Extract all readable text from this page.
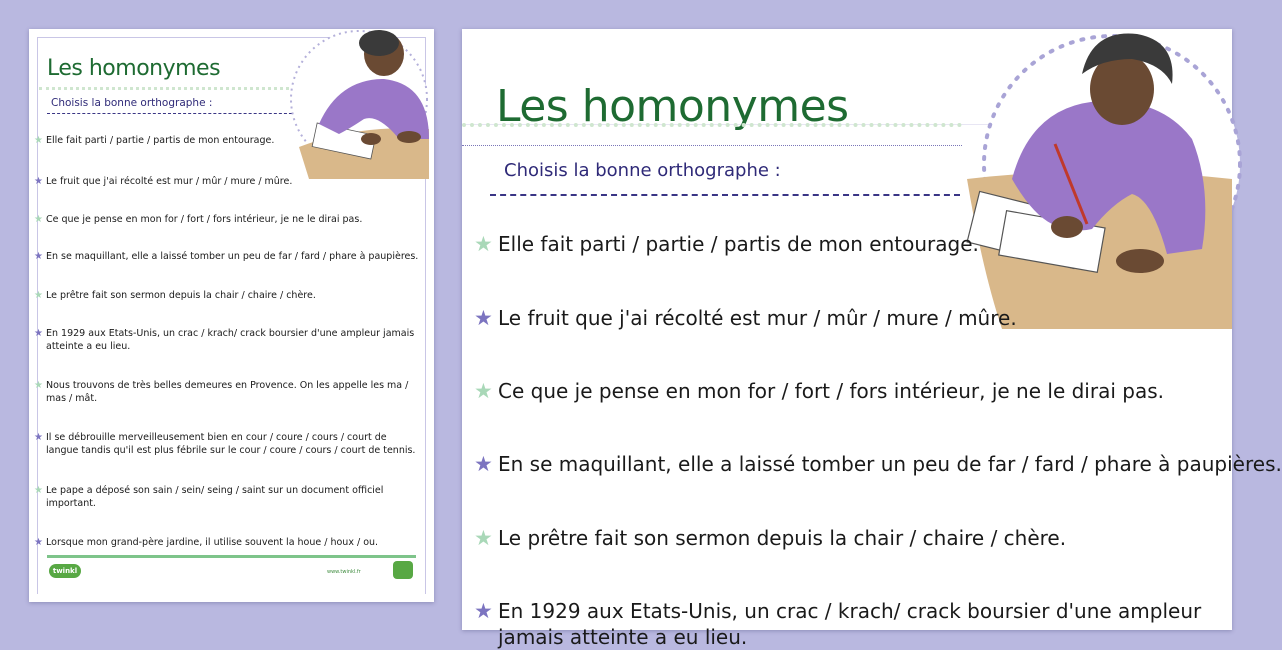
Les homonymes
Choisis la bonne orthographe :
★ Elle fait parti / partie / partis de mon entourage.
★ Le fruit que j'ai récolté est mur / mûr / mure / mûre.
★ Ce que je pense en mon for / fort / fors intérieur, je ne le dirai pas.
★ En se maquillant, elle a laissé tomber un peu de far / fard / phare à paupières.
★ Le prêtre fait son sermon depuis la chair / chaire / chère.
★ En 1929 aux Etats-Unis, un crac / krach/ crack boursier d'une ampleur jamais atteinte a eu lieu.
★ Nous trouvons de très belles demeures en Provence. On les appelle les ma / mas / mât.
★ Il se débrouille merveilleusement bien en cour / coure / cours / court de langue tandis qu'il est plus fébrile sur le cour / coure / cours / court de tennis.
★ Le pape a déposé son sain / sein/ seing / saint sur un document officiel important.
★ Lorsque mon grand-père jardine, il utilise souvent la houe / houx / ou.
twinkl	www.twinkl.fr
Les homonymes
Choisis la bonne orthographe :
★ Elle fait parti / partie / partis de mon entourage.
★ Le fruit que j'ai récolté est mur / mûr / mure / mûre.
★ Ce que je pense en mon for / fort / fors intérieur, je ne le dirai pas.
★ En se maquillant, elle a laissé tomber un peu de far / fard / phare à paupières.
★ Le prêtre fait son sermon depuis la chair / chaire / chère.
★ En 1929 aux Etats-Unis, un crac / krach/ crack boursier d'une ampleur jamais atteinte a eu lieu.
